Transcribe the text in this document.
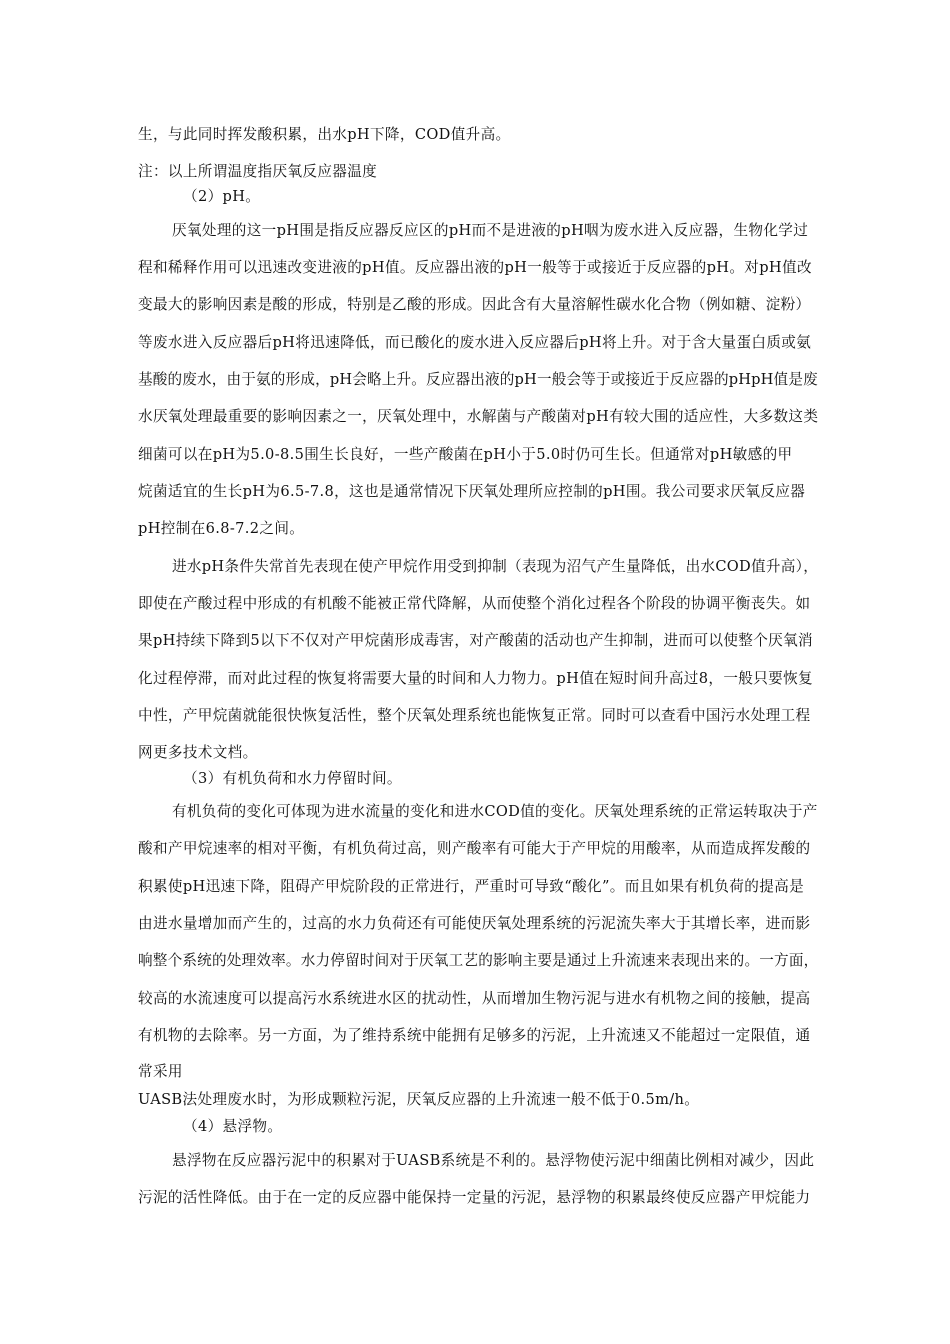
生，与此同时挥发酸积累，出水pH下降，COD值升高。
注：以上所谓温度指厌氧反应器温度
（2）pH。
厌氧处理的这一pH围是指反应器反应区的pH而不是进液的pH咽为废水进入反应器，生物化学过
程和稀释作用可以迅速改变进液的pH值。反应器出液的pH一般等于或接近于反应器的pH。对pH值改
变最大的影响因素是酸的形成，特别是乙酸的形成。因此含有大量溶解性碳水化合物（例如糖、淀粉）
等废水进入反应器后pH将迅速降低，而已酸化的废水进入反应器后pH将上升。对于含大量蛋白质或氨
基酸的废水，由于氨的形成，pH会略上升。反应器出液的pH一般会等于或接近于反应器的pHpH值是废
水厌氧处理最重要的影响因素之一，厌氧处理中，水解菌与产酸菌对pH有较大围的适应性，大多数这类
细菌可以在pH为5.0-8.5围生长良好，一些产酸菌在pH小于5.0时仍可生长。但通常对pH敏感的甲
烷菌适宜的生长pH为6.5-7.8，这也是通常情况下厌氧处理所应控制的pH围。我公司要求厌氧反应器
pH控制在6.8-7.2之间。
进水pH条件失常首先表现在使产甲烷作用受到抑制（表现为沼气产生量降低，出水COD值升高），
即使在产酸过程中形成的有机酸不能被正常代降解，从而使整个消化过程各个阶段的协调平衡丧失。如
果pH持续下降到5以下不仅对产甲烷菌形成毒害，对产酸菌的活动也产生抑制，进而可以使整个厌氧消
化过程停滞，而对此过程的恢复将需要大量的时间和人力物力。pH值在短时间升高过8，一般只要恢复
中性，产甲烷菌就能很快恢复活性，整个厌氧处理系统也能恢复正常。同时可以查看中国污水处理工程
网更多技术文档。
（3）有机负荷和水力停留时间。
有机负荷的变化可体现为进水流量的变化和进水COD值的变化。厌氧处理系统的正常运转取决于产
酸和产甲烷速率的相对平衡，有机负荷过高，则产酸率有可能大于产甲烷的用酸率，从而造成挥发酸的
积累使pH迅速下降，阻碍产甲烷阶段的正常进行，严重时可导致“酸化”。而且如果有机负荷的提高是
由进水量增加而产生的，过高的水力负荷还有可能使厌氧处理系统的污泥流失率大于其增长率，进而影
响整个系统的处理效率。水力停留时间对于厌氧工艺的影响主要是通过上升流速来表现出来的。一方面，
较高的水流速度可以提高污水系统进水区的扰动性，从而增加生物污泥与进水有机物之间的接触，提高
有机物的去除率。另一方面，为了维持系统中能拥有足够多的污泥，上升流速又不能超过一定限值，通
常采用
UASB法处理废水时，为形成颗粒污泥，厌氧反应器的上升流速一般不低于0.5m/h。
（4）悬浮物。
悬浮物在反应器污泥中的积累对于UASB系统是不利的。悬浮物使污泥中细菌比例相对减少，因此
污泥的活性降低。由于在一定的反应器中能保持一定量的污泥，悬浮物的积累最终使反应器产甲烷能力
